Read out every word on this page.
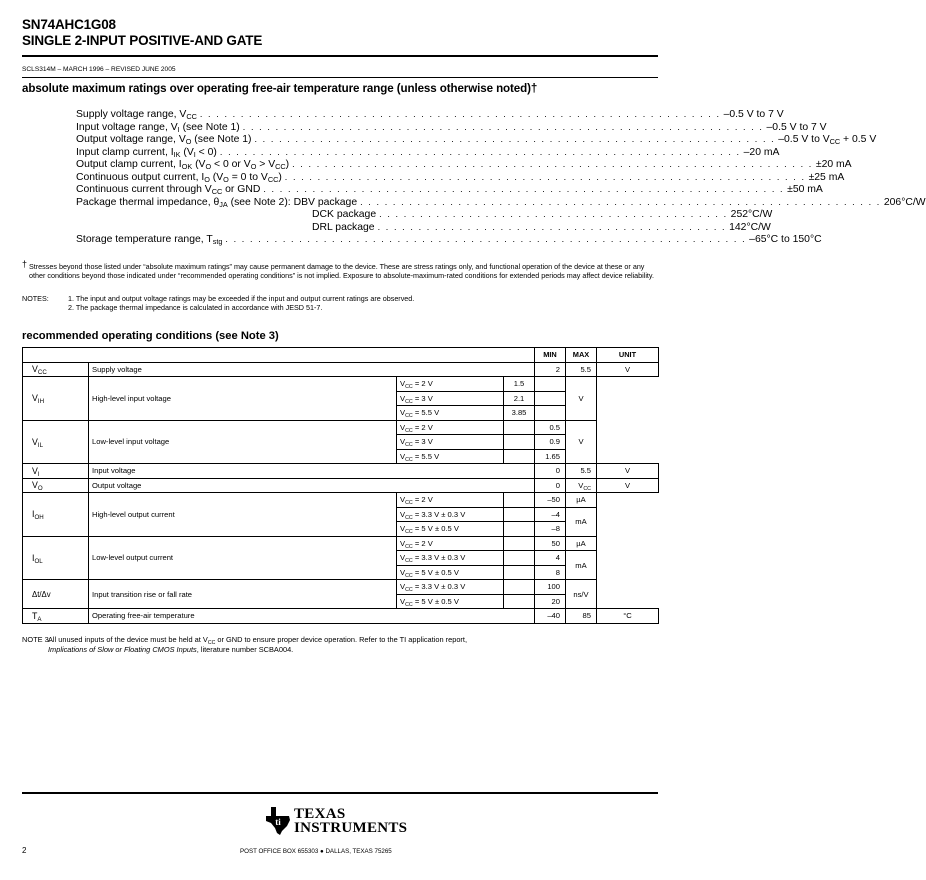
SN74AHC1G08
SINGLE 2-INPUT POSITIVE-AND GATE
SCLS314M – MARCH 1996 – REVISED JUNE 2005
absolute maximum ratings over operating free-air temperature range (unless otherwise noted)†
Supply voltage range, $V_{CC}$ . . . . . . . . . . . . . . . . . . . . . . . . . . . . . . . . . . . . . . . . . . . . . . . . . . . . . . . . . . . . . . . . –0.5 V to 7 V
Input voltage range, $V_I$ (see Note 1) . . . . . . . . . . . . . . . . . . . . . . . . . . . . . . . . . . . . . . . . . . . . . . . . . . . . . . . . . . . . . . . . –0.5 V to 7 V
Output voltage range, $V_O$ (see Note 1) . . . . . . . . . . . . . . . . . . . . . . . . . . . . . . . . . . . . . . . . . . . . . . . . . . . . . . . . . . . . . . . . –0.5 V to $V_{CC} + 0.5$ V
Input clamp current, $I_{IK}$ $(V_I < 0)$ . . . . . . . . . . . . . . . . . . . . . . . . . . . . . . . . . . . . . . . . . . . . . . . . . . . . . . . . . . . . . . . . –20 mA
Output clamp current, $I_{OK}$ ($V_O < 0$ or $V_O > V_{CC}$) . . . . . . . . . . . . . . . . . . . . . . . . . . . . . . . . . . . . . . . . . . . . . . . . . . . . . . . . . . . . . . . . ±20 mA
Continuous output current, $I_O$ ($V_O = 0$ to $V_{CC}$) . . . . . . . . . . . . . . . . . . . . . . . . . . . . . . . . . . . . . . . . . . . . . . . . . . . . . . . . . . . . . . . . ±25 mA
Continuous current through $V_{CC}$ or GND . . . . . . . . . . . . . . . . . . . . . . . . . . . . . . . . . . . . . . . . . . . . . . . . . . . . . . . . . . . . . . . . ±50 mA
Package thermal impedance, $\theta_{JA}$ (see Note 2): DBV package . . . . . . . . . . . . . . . . . . . . . . . . . . . . . . . . . . . . . . . . . . . . . . . . . . . . . . . . . . . . . . . . 206°C/W
DCK package . . . . . . . . . . . . . . . . . . . . . . . . . . . . . . . . . . . . . . . . . . . 252°C/W
DRL package . . . . . . . . . . . . . . . . . . . . . . . . . . . . . . . . . . . . . . . . . . . 142°C/W
Storage temperature range, $T_{stg}$ . . . . . . . . . . . . . . . . . . . . . . . . . . . . . . . . . . . . . . . . . . . . . . . . . . . . . . . . . . . . . . . . –65°C to 150°C
† Stresses beyond those listed under “absolute maximum ratings” may cause permanent damage to the device. These are stress ratings only, and functional operation of the device at these or any other conditions beyond those indicated under “recommended operating conditions” is not implied. Exposure to absolute-maximum-rated conditions for extended periods may affect device reliability.
NOTES:	1. The input and output voltage ratings may be exceeded if the input and output current ratings are observed.
2. The package thermal impedance is calculated in accordance with JESD 51-7.
recommended operating conditions (see Note 3)
				MIN	MAX	UNIT
$V_{CC}$	Supply voltage			2	5.5	V
$V_{IH}$	High-level input voltage	$V_{CC} = 2$ V	1.5		V	
		$V_{CC} = 3$ V	2.1			
		$V_{CC} = 5.5$ V	3.85			
$V_{IL}$	Low-level input voltage	$V_{CC} = 2$ V		0.5	V	
		$V_{CC} = 3$ V		0.9		
		$V_{CC} = 5.5$ V		1.65		
$V_I$	Input voltage			0	5.5	V
$V_O$	Output voltage			0	$V_{CC}$	V
$I_{OH}$	High-level output current	$V_{CC} = 2$ V		–50	µA	
		$V_{CC} = 3.3$ V ± 0.3 V		–4	mA	
		$V_{CC} = 5$ V ± 0.5 V		–8		
$I_{OL}$	Low-level output current	$V_{CC} = 2$ V		50	µA	
		$V_{CC} = 3.3$ V ± 0.3 V		4	mA	
		$V_{CC} = 5$ V ± 0.5 V		8		
Δt/Δv	Input transition rise or fall rate	$V_{CC} = 3.3$ V ± 0.3 V		100	ns/V	
		$V_{CC} = 5$ V ± 0.5 V		20		
$T_A$	Operating free-air temperature			–40	85	°C
NOTE 3:
All unused inputs of the device must be held at $V_{CC}$ or GND to ensure proper device operation. Refer to the TI application report,
Implications of Slow or Floating CMOS Inputs, literature number SCBA004.
ti TEXAS
INSTRUMENTS
2	POST OFFICE BOX 655303 ● DALLAS, TEXAS 75265
